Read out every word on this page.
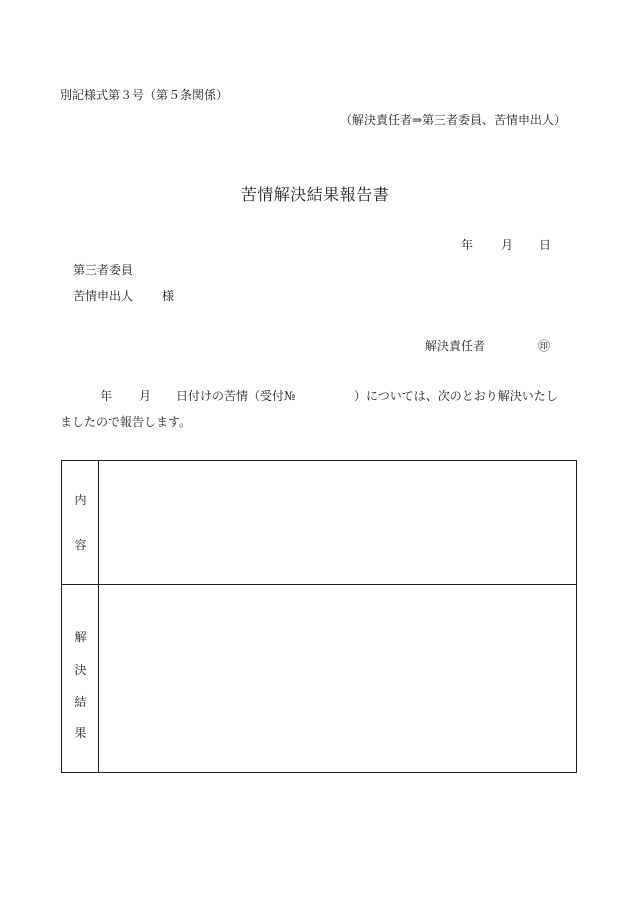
別記様式第３号（第５条関係）
（解決責任者⇒第三者委員、苦情申出人）
苦情解決結果報告書
年 月 日
第三者委員
苦情申出人 様
解決責任者	㊞
年 月 日付けの苦情（受付№	）については、次のとおり解決いたし
ましたので報告します。
内
容
解
決
結
果
